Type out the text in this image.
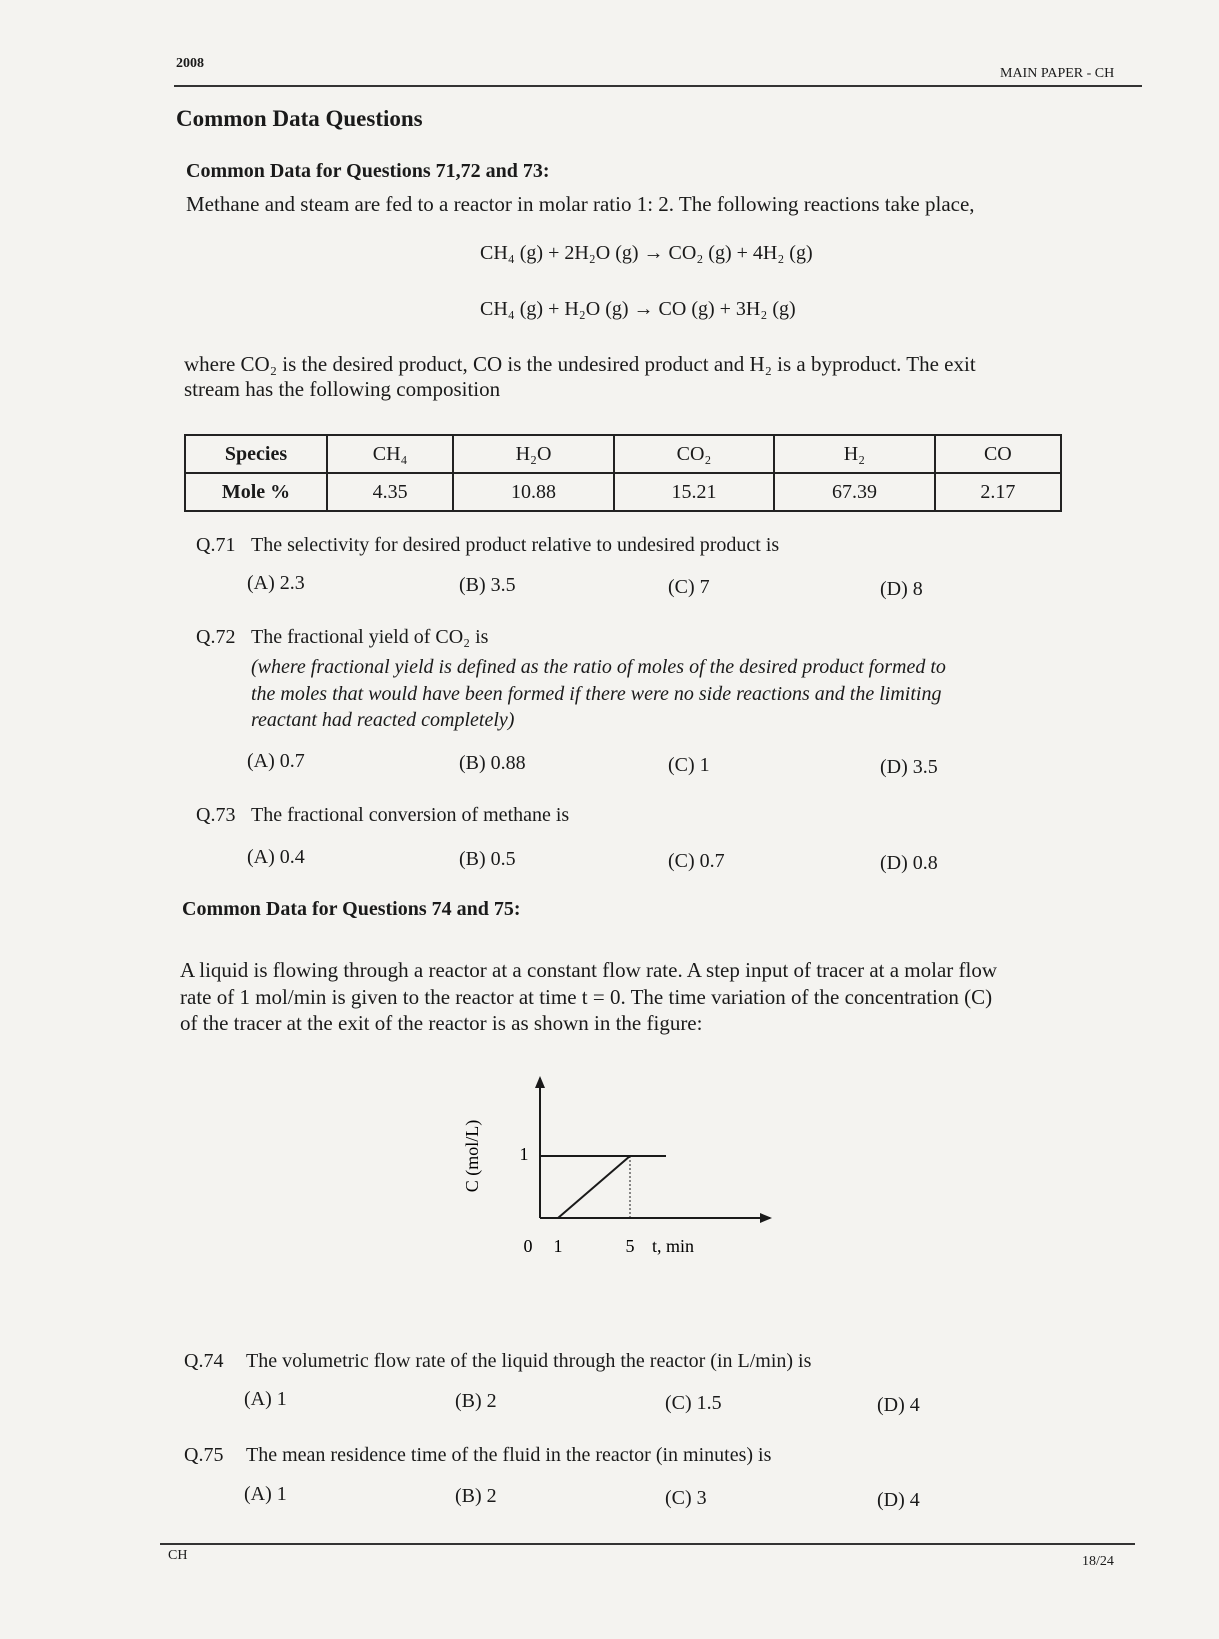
2008
MAIN PAPER - CH
Common Data Questions
Common Data for Questions 71,72 and 73:
Methane and steam are fed to a reactor in molar ratio 1: 2. The following reactions take place,
CH₄ (g) + 2H₂O (g) → CO₂ (g) + 4H₂ (g)
CH₄ (g) + H₂O (g) → CO (g) + 3H₂ (g)
where CO₂ is the desired product, CO is the undesired product and H₂ is a byproduct. The exit
stream has the following composition
Species	CH₄	H₂O	CO₂	H₂	CO
Mole %	4.35	10.88	15.21	67.39	2.17
Q.71 The selectivity for desired product relative to undesired product is
(A) 2.3	(B) 3.5	(C) 7	(D) 8
Q.72 The fractional yield of CO₂ is
(where fractional yield is defined as the ratio of moles of the desired product formed to
the moles that would have been formed if there were no side reactions and the limiting
reactant had reacted completely)
(A) 0.7	(B) 0.88	(C) 1	(D) 3.5
Q.73 The fractional conversion of methane is
(A) 0.4	(B) 0.5	(C) 0.7	(D) 0.8
Common Data for Questions 74 and 75:
A liquid is flowing through a reactor at a constant flow rate. A step input of tracer at a molar flow
rate of 1 mol/min is given to the reactor at time t = 0. The time variation of the concentration (C)
of the tracer at the exit of the reactor is as shown in the figure:
1
0 1	5 t, min
C (mol/L)
Q.74 The volumetric flow rate of the liquid through the reactor (in L/min) is
(A) 1	(B) 2	(C) 1.5	(D) 4
Q.75 The mean residence time of the fluid in the reactor (in minutes) is
(A) 1	(B) 2	(C) 3	(D) 4
CH	18/24
